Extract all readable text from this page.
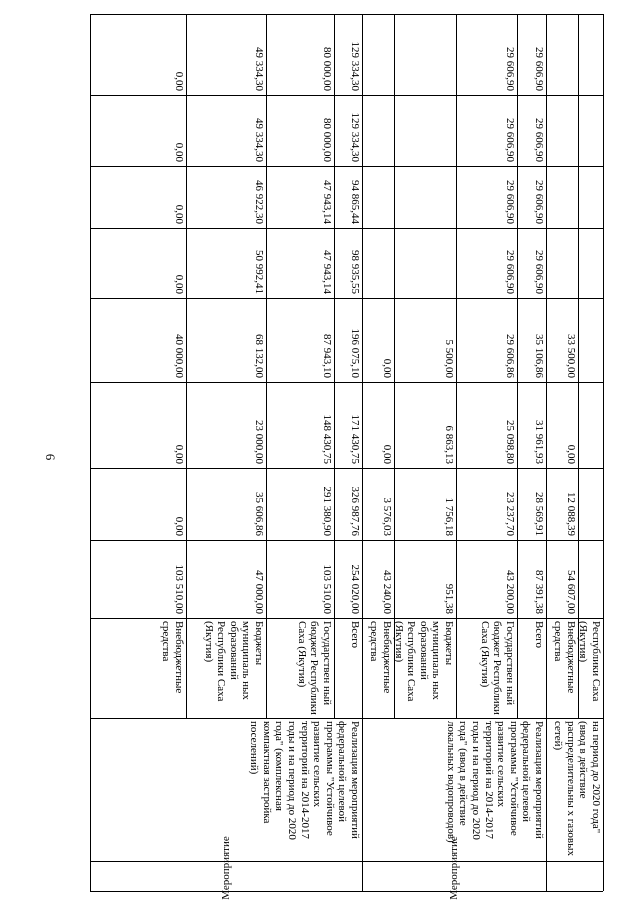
6
Мероприятие
Мероприятие
на период до 2020 года" (ввод в действие распределительны х газовых сетей)
Реализация мероприятий федеральной целевой программы "Устойчивое развитие сельских территорий на 2014-2017 годы и на период до 2020 года" (ввод в действие локальных водопроводов)
Реализация мероприятий федеральной целевой программы "Устойчивое развитие сельских территорий на 2014-2017 годы и на период до 2020 года" (комплексная компактная застройка поселений)
Республики Саха (Якутия)
Внебюджетные средства
54 607,00
12 088,39
0,00
33 500,00
Всего
87 391,38
28 569,91
31 961,93
35 106,86
29 606,90
29 606,90
29 606,90
29 606,90
Государствен ный бюджет Республики Саха (Якутия)
43 200,00
23 237,70
25 098,80
29 606,86
29 606,90
29 606,90
29 606,90
29 606,90
Бюджеты муниципаль ных образований Республики Саха (Якутия)
951,38
1 756,18
6 863,13
5 500,00
Внебюджетные средства
43 240,00
3 576,03
0,00
0,00
Всего
254 020,00
326 987,76
171 430,75
196 075,10
98 935,55
94 865,44
129 334,30
129 334,30
Государствен ный бюджет Республики Саха (Якутия)
103 510,00
291 380,90
148 430,75
87 943,10
47 943,14
47 943,14
80 000,00
80 000,00
Бюджеты муниципаль ных образований Республики Саха (Якутия)
47 000,00
35 606,86
23 000,00
68 132,00
50 992,41
46 922,30
49 334,30
49 334,30
Внебюджетные средства
103 510,00
0,00
0,00
40 000,00
0,00
0,00
0,00
0,00
